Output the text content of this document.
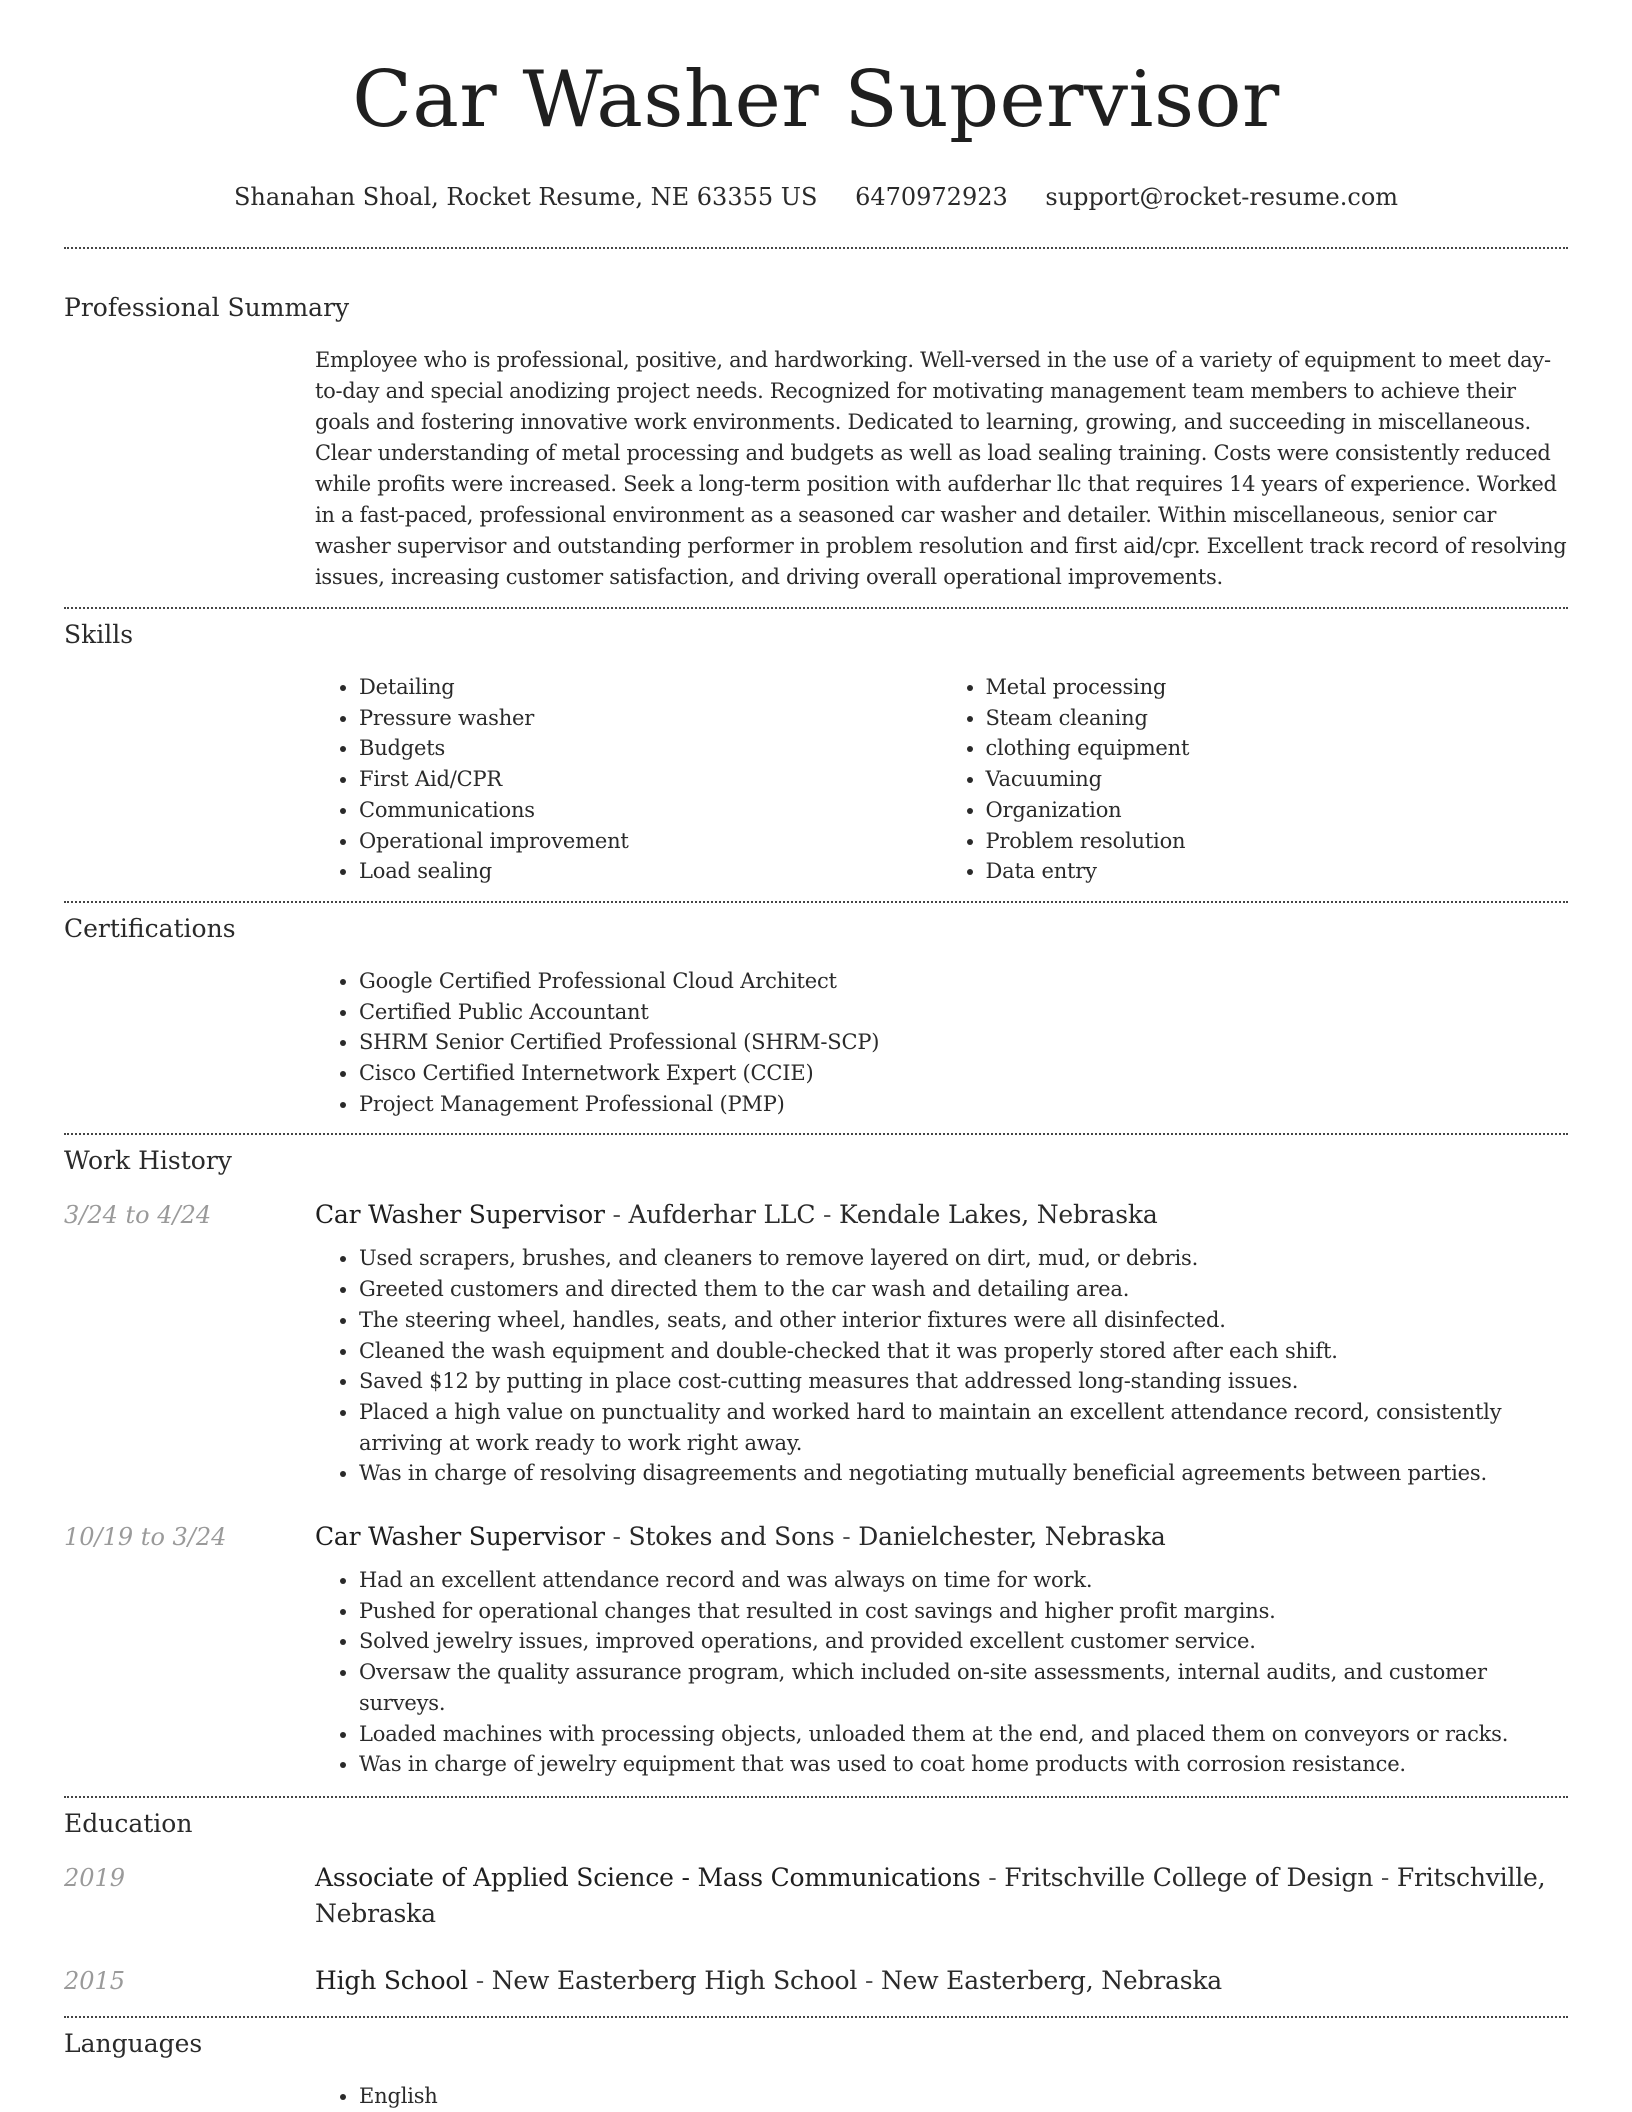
Car Washer Supervisor
Shanahan Shoal, Rocket Resume, NE 63355 US 6470972923 support@rocket-resume.com
Professional Summary

Employee who is professional, positive, and hardworking. Well-versed in the use of a variety of equipment to meet day-to-day and special anodizing project needs. Recognized for motivating management team members to achieve their goals and fostering innovative work environments. Dedicated to learning, growing, and succeeding in miscellaneous. Clear understanding of metal processing and budgets as well as load sealing training. Costs were consistently reduced while profits were increased. Seek a long-term position with aufderhar llc that requires 14 years of experience. Worked in a fast-paced, professional environment as a seasoned car washer and detailer. Within miscellaneous, senior car washer supervisor and outstanding performer in problem resolution and first aid/cpr. Excellent track record of resolving issues, increasing customer satisfaction, and driving overall operational improvements.

Skills
• Detailing
• Pressure washer
• Budgets
• First Aid/CPR
• Communications
• Operational improvement
• Load sealing
• Metal processing
• Steam cleaning
• clothing equipment
• Vacuuming
• Organization
• Problem resolution
• Data entry
Certifications
• Google Certified Professional Cloud Architect
• Certified Public Accountant
• SHRM Senior Certified Professional (SHRM-SCP)
• Cisco Certified Internetwork Expert (CCIE)
• Project Management Professional (PMP)
Work History
3/24 to 4/24	Car Washer Supervisor - Aufderhar LLC - Kendale Lakes, Nebraska

• Used scrapers, brushes, and cleaners to remove layered on dirt, mud, or debris.
• Greeted customers and directed them to the car wash and detailing area.
• The steering wheel, handles, seats, and other interior fixtures were all disinfected.
• Cleaned the wash equipment and double-checked that it was properly stored after each shift.
• Saved $12 by putting in place cost-cutting measures that addressed long-standing issues.
• Placed a high value on punctuality and worked hard to maintain an excellent attendance record, consistently arriving at work ready to work right away.
• Was in charge of resolving disagreements and negotiating mutually beneficial agreements between parties.
10/19 to 3/24	Car Washer Supervisor - Stokes and Sons - Danielchester, Nebraska

• Had an excellent attendance record and was always on time for work.
• Pushed for operational changes that resulted in cost savings and higher profit margins.
• Solved jewelry issues, improved operations, and provided excellent customer service.
• Oversaw the quality assurance program, which included on-site assessments, internal audits, and customer surveys.
• Loaded machines with processing objects, unloaded them at the end, and placed them on conveyors or racks.
• Was in charge of jewelry equipment that was used to coat home products with corrosion resistance.
Education
2019	Associate of Applied Science - Mass Communications - Fritschville College of Design - Fritschville, Nebraska

2015	High School - New Easterberg High School - New Easterberg, Nebraska

Languages
• English
